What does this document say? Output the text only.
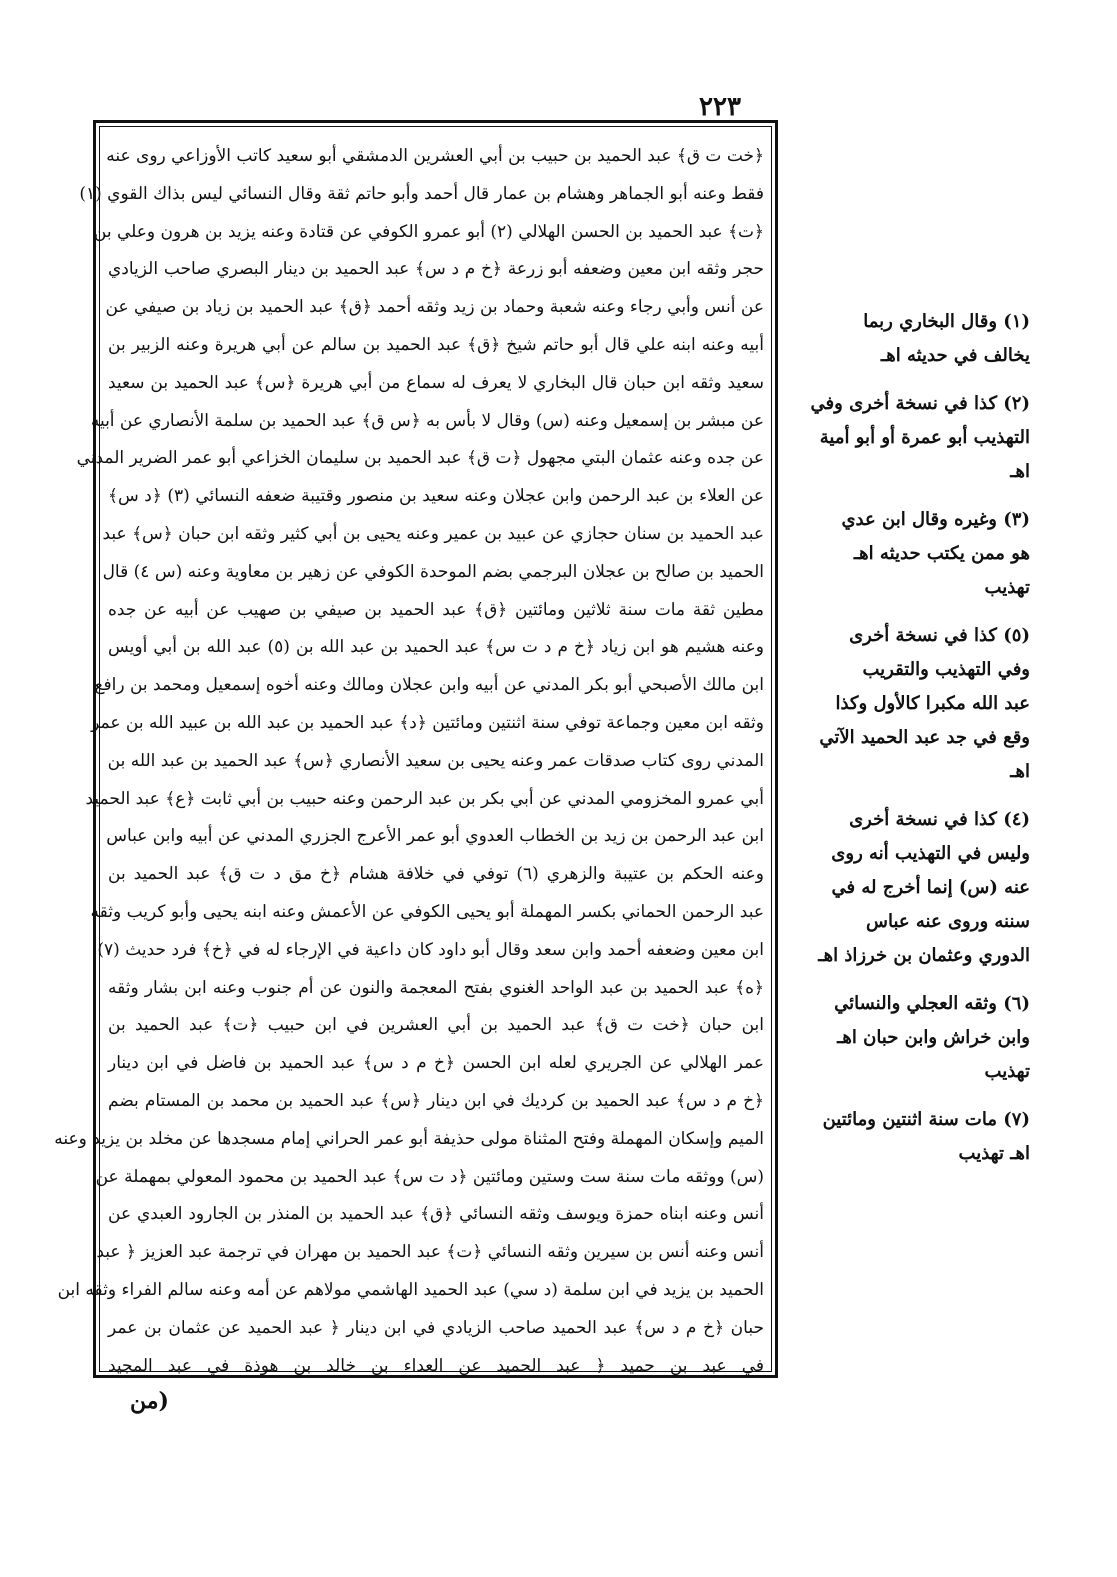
٢٢٣
﴿خت ت ق﴾ عبد الحميد بن حبيب بن أبي العشرين الدمشقي أبو سعيد كاتب الأوزاعي روى عنه
فقط وعنه أبو الجماهر وهشام بن عمار قال أحمد وأبو حاتم ثقة وقال النسائي ليس بذاك القوي (١)
﴿ت﴾ عبد الحميد بن الحسن الهلالي (٢) أبو عمرو الكوفي عن قتادة وعنه يزيد بن هرون وعلي بن
حجر وثقه ابن معين وضعفه أبو زرعة ﴿خ م د س﴾ عبد الحميد بن دينار البصري صاحب الزيادي
عن أنس وأبي رجاء وعنه شعبة وحماد بن زيد وثقه أحمد ﴿ق﴾ عبد الحميد بن زياد بن صيفي عن
أبيه وعنه ابنه علي قال أبو حاتم شيخ ﴿ق﴾ عبد الحميد بن سالم عن أبي هريرة وعنه الزبير بن
سعيد وثقه ابن حبان قال البخاري لا يعرف له سماع من أبي هريرة ﴿س﴾ عبد الحميد بن سعيد
عن مبشر بن إسمعيل وعنه (س) وقال لا بأس به ﴿س ق﴾ عبد الحميد بن سلمة الأنصاري عن أبيه
عن جده وعنه عثمان البتي مجهول ﴿ت ق﴾ عبد الحميد بن سليمان الخزاعي أبو عمر الضرير المدني
عن العلاء بن عبد الرحمن وابن عجلان وعنه سعيد بن منصور وقتيبة ضعفه النسائي (٣) ﴿د س﴾
عبد الحميد بن سنان حجازي عن عبيد بن عمير وعنه يحيى بن أبي كثير وثقه ابن حبان ﴿س﴾ عبد
الحميد بن صالح بن عجلان البرجمي بضم الموحدة الكوفي عن زهير بن معاوية وعنه (س ٤) قال
مطين ثقة مات سنة ثلاثين ومائتين ﴿ق﴾ عبد الحميد بن صيفي بن صهيب عن أبيه عن جده
وعنه هشيم هو ابن زياد ﴿خ م د ت س﴾ عبد الحميد بن عبد الله بن (٥) عبد الله بن أبي أويس
ابن مالك الأصبحي أبو بكر المدني عن أبيه وابن عجلان ومالك وعنه أخوه إسمعيل ومحمد بن رافع
وثقه ابن معين وجماعة توفي سنة اثنتين ومائتين ﴿د﴾ عبد الحميد بن عبد الله بن عبيد الله بن عمر
المدني روى كتاب صدقات عمر وعنه يحيى بن سعيد الأنصاري ﴿س﴾ عبد الحميد بن عبد الله بن
أبي عمرو المخزومي المدني عن أبي بكر بن عبد الرحمن وعنه حبيب بن أبي ثابت ﴿ع﴾ عبد الحميد
ابن عبد الرحمن بن زيد بن الخطاب العدوي أبو عمر الأعرج الجزري المدني عن أبيه وابن عباس
وعنه الحكم بن عتيبة والزهري (٦) توفي في خلافة هشام ﴿خ مق د ت ق﴾ عبد الحميد بن
عبد الرحمن الحماني بكسر المهملة أبو يحيى الكوفي عن الأعمش وعنه ابنه يحيى وأبو كريب وثقه
ابن معين وضعفه أحمد وابن سعد وقال أبو داود كان داعية في الإرجاء له في ﴿خ﴾ فرد حديث (٧)
﴿ه﴾ عبد الحميد بن عبد الواحد الغنوي بفتح المعجمة والنون عن أم جنوب وعنه ابن بشار وثقه
ابن حبان ﴿خت ت ق﴾ عبد الحميد بن أبي العشرين في ابن حبيب ﴿ت﴾ عبد الحميد بن
عمر الهلالي عن الجريري لعله ابن الحسن ﴿خ م د س﴾ عبد الحميد بن فاضل في ابن دينار
﴿خ م د س﴾ عبد الحميد بن كرديك في ابن دينار ﴿س﴾ عبد الحميد بن محمد بن المستام بضم
الميم وإسكان المهملة وفتح المثناة مولى حذيفة أبو عمر الحراني إمام مسجدها عن مخلد بن يزيد وعنه
(س) ووثقه مات سنة ست وستين ومائتين ﴿د ت س﴾ عبد الحميد بن محمود المعولي بمهملة عن
أنس وعنه ابناه حمزة ويوسف وثقه النسائي ﴿ق﴾ عبد الحميد بن المنذر بن الجارود العبدي عن
أنس وعنه أنس بن سيرين وثقه النسائي ﴿ت﴾ عبد الحميد بن مهران في ترجمة عبد العزيز ﴿ عبد
الحميد بن يزيد في ابن سلمة (د سي) عبد الحميد الهاشمي مولاهم عن أمه وعنه سالم الفراء وثقه ابن
حبان ﴿خ م د س﴾ عبد الحميد صاحب الزيادي في ابن دينار ﴿ عبد الحميد عن عثمان بن عمر
في عبد بن حميد ﴿ عبد الحميد عن العداء بن خالد بن هوذة في عبد المجيد
(١) وقال البخاري ربما
يخالف في حديثه اهـ
(٢) كذا في نسخة أخرى وفي
التهذيب أبو عمرة أو أبو أمية
اهـ
(٣) وغيره وقال ابن عدي
هو ممن يكتب حديثه اهـ
تهذيب
(٥) كذا في نسخة أخرى
وفي التهذيب والتقريب
عبد الله مكبرا كالأول وكذا
وقع في جد عبد الحميد الآتي
اهـ
(٤) كذا في نسخة أخرى
وليس في التهذيب أنه روى
عنه (س) إنما أخرج له في
سننه وروى عنه عباس
الدوري وعثمان بن خرزاذ اهـ
(٦) وثقه العجلي والنسائي
وابن خراش وابن حبان اهـ
تهذيب
(٧) مات سنة اثنتين ومائتين
اهـ تهذيب
(من
